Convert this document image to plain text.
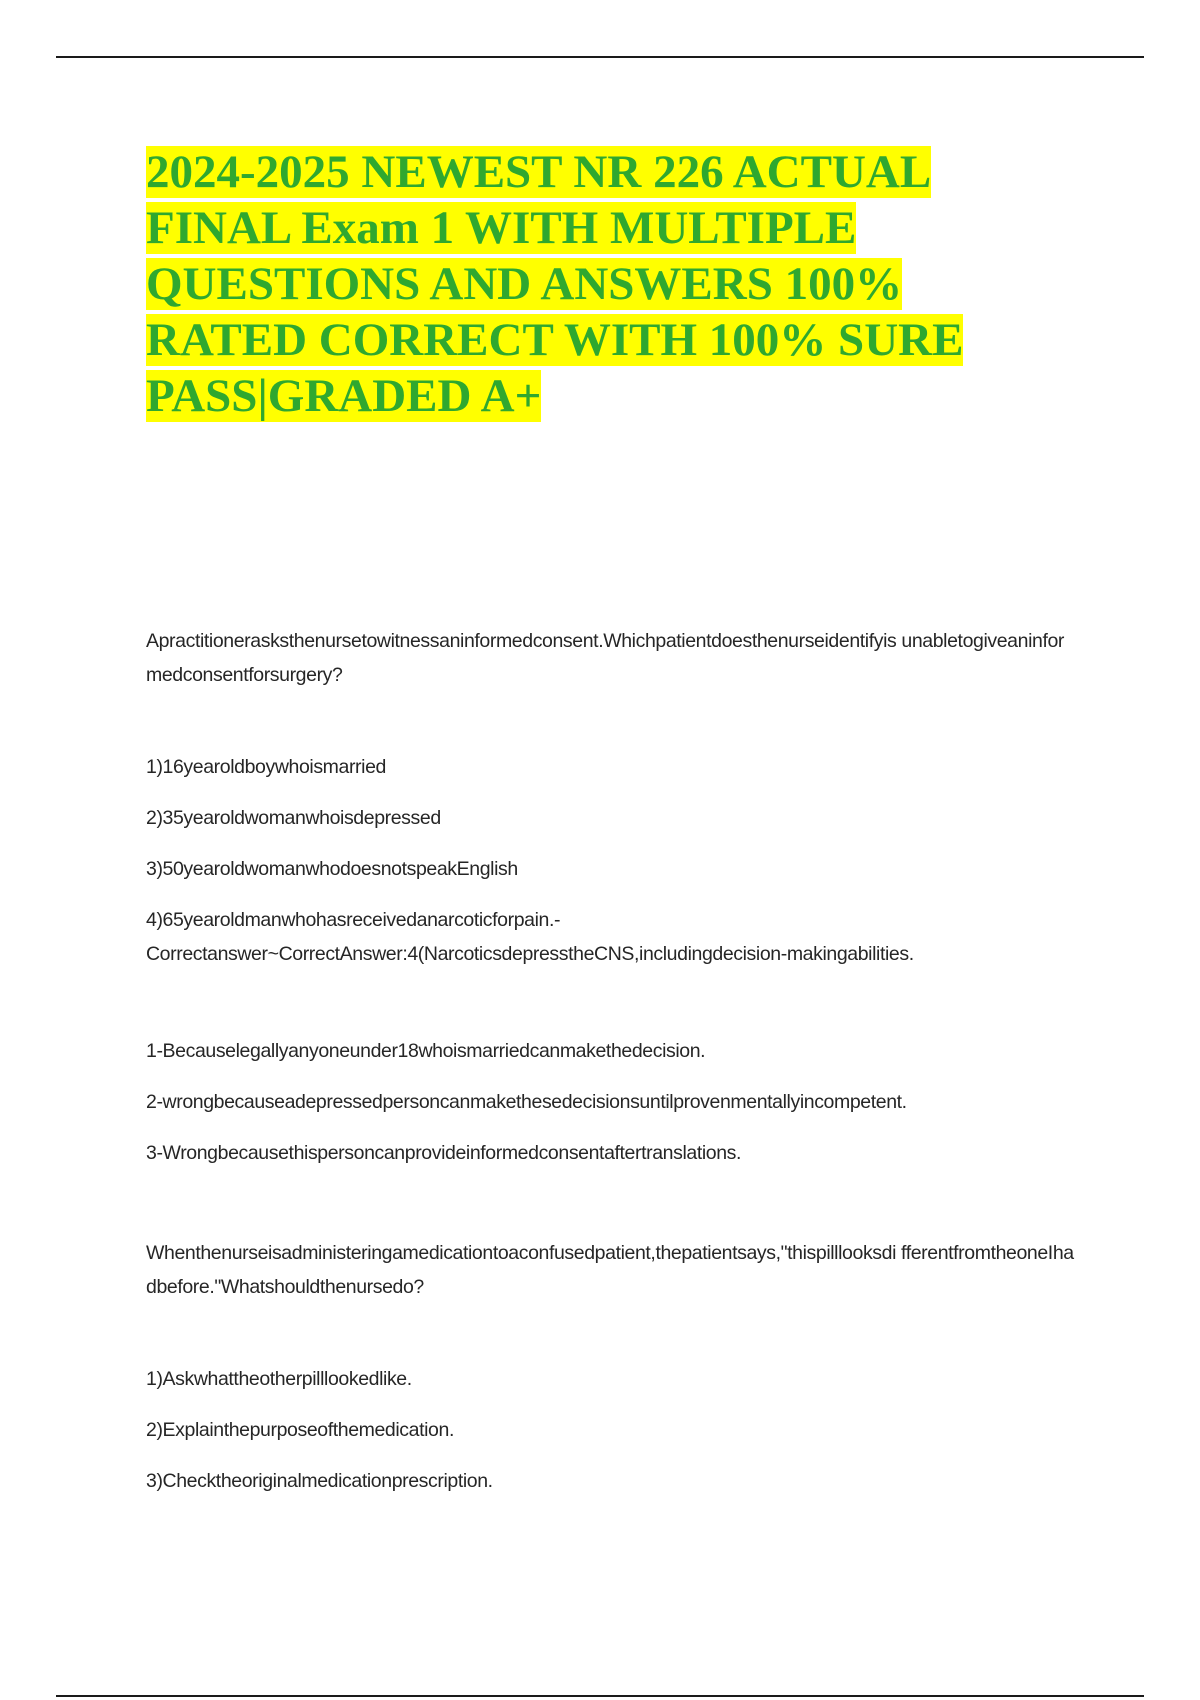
2024-2025 NEWEST NR 226 ACTUAL
FINAL Exam 1 WITH MULTIPLE
QUESTIONS AND ANSWERS 100%
RATED CORRECT WITH 100% SURE
PASS|GRADED A+

Apractitionerasksthenursetowitnessaninformedconsent.Whichpatientdoesthenurseidentifyis unabletogiveaninformedconsentforsurgery?

1)16yearoldboywhoismarried

2)35yearoldwomanwhoisdepressed

3)50yearoldwomanwhodoesnotspeakEnglish

4)65yearoldmanwhohasreceivedanarcoticforpain.-

Correctanswer~CorrectAnswer:4(NarcoticsdepresstheCNS,includingdecision-makingabilities.

1-Becauselegallyanyoneunder18whoismarriedcanmakethedecision.

2-wrongbecauseadepressedpersoncanmakethesedecisionsuntilprovenmentallyincompetent.

3-Wrongbecausethispersoncanprovideinformedconsentaftertranslations.

Whenthenurseisadministeringamedicationtoaconfusedpatient,thepatientsays,"thispilllooksdi fferentfromtheoneIhadbefore."Whatshouldthenursedo?

1)Askwhattheotherpilllookedlike.

2)Explainthepurposeofthemedication.

3)Checktheoriginalmedicationprescription.
